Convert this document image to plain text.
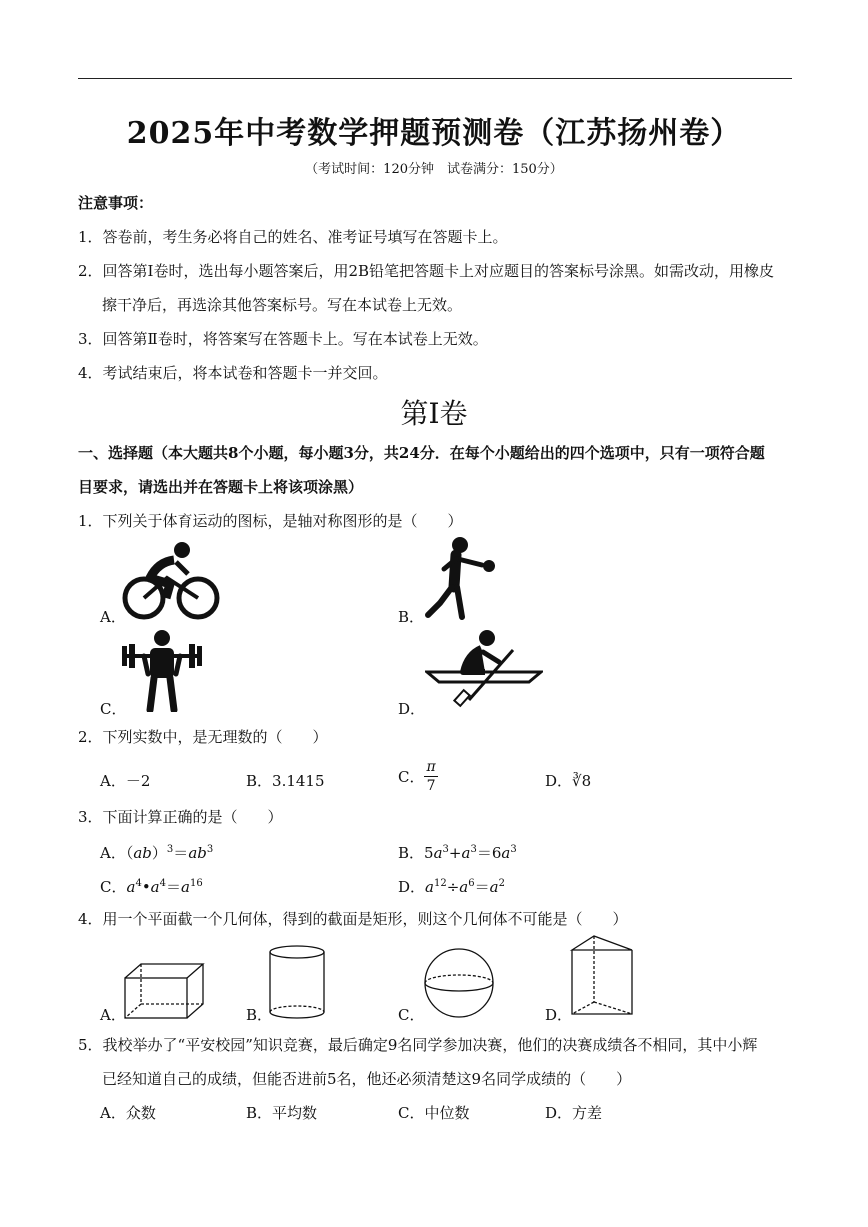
2025年中考数学押题预测卷（江苏扬州卷）
（考试时间：120分钟　试卷满分：150分）
注意事项：
1．答卷前，考生务必将自己的姓名、准考证号填写在答题卡上。
2．回答第Ⅰ卷时，选出每小题答案后，用2B铅笔把答题卡上对应题目的答案标号涂黑。如需改动，用橡皮
擦干净后，再选涂其他答案标号。写在本试卷上无效。
3．回答第Ⅱ卷时，将答案写在答题卡上。写在本试卷上无效。
4．考试结束后，将本试卷和答题卡一并交回。
第Ⅰ卷
一、选择题（本大题共8个小题，每小题3分，共24分．在每个小题给出的四个选项中，只有一项符合题
目要求，请选出并在答题卡上将该项涂黑）
1．下列关于体育运动的图标，是轴对称图形的是（　　）
A．	B．
C．	D．
2．下列实数中，是无理数的（　　）
A．－2	B．3.1415	C． $\frac{\pi}{7}$	D．∛8
3．下面计算正确的是（　　）
A．$(ab)^3=ab^3$	B．$5a^3+a^3=6a^3$
C．$a^4•a^4=a^{16}$	D．$a^{12}\div a^6=a^2$
4．用一个平面截一个几何体，得到的截面是矩形，则这个几何体不可能是（　　）
A．	B．	C．	D．
5．我校举办了“平安校园”知识竞赛，最后确定9名同学参加决赛，他们的决赛成绩各不相同，其中小辉
已经知道自己的成绩，但能否进前5名，他还必须清楚这9名同学成绩的（　　）
A．众数	B．平均数	C．中位数	D．方差
